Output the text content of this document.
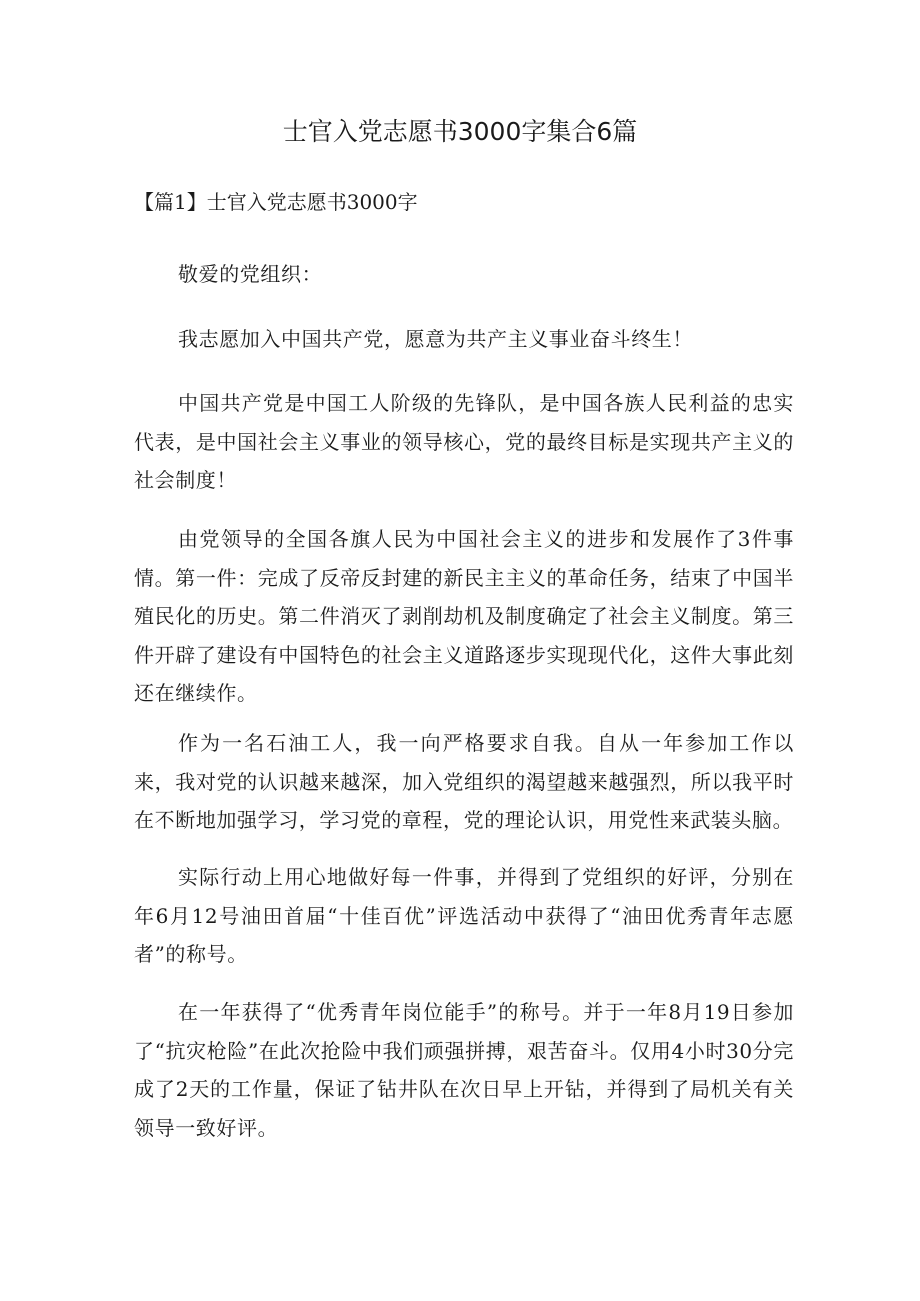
士官入党志愿书3000字集合6篇

【篇1】士官入党志愿书3000字

敬爱的党组织：

我志愿加入中国共产党，愿意为共产主义事业奋斗终生！

中国共产党是中国工人阶级的先锋队，是中国各族人民利益的忠实代表，是中国社会主义事业的领导核心，党的最终目标是实现共产主义的社会制度！

由党领导的全国各旗人民为中国社会主义的进步和发展作了3件事情。第一件：完成了反帝反封建的新民主主义的革命任务，结束了中国半殖民化的历史。第二件消灭了剥削劫机及制度确定了社会主义制度。第三件开辟了建设有中国特色的社会主义道路逐步实现现代化，这件大事此刻还在继续作。

作为一名石油工人，我一向严格要求自我。自从一年参加工作以来，我对党的认识越来越深，加入党组织的渴望越来越强烈，所以我平时在不断地加强学习，学习党的章程，党的理论认识，用党性来武装头脑。

实际行动上用心地做好每一件事，并得到了党组织的好评，分别在年6月12号油田首届“十佳百优”评选活动中获得了“油田优秀青年志愿者”的称号。

在一年获得了“优秀青年岗位能手”的称号。并于一年8月19日参加了“抗灾枪险”在此次抢险中我们顽强拼搏，艰苦奋斗。仅用4小时30分完成了2天的工作量，保证了钻井队在次日早上开钻，并得到了局机关有关领导一致好评。
